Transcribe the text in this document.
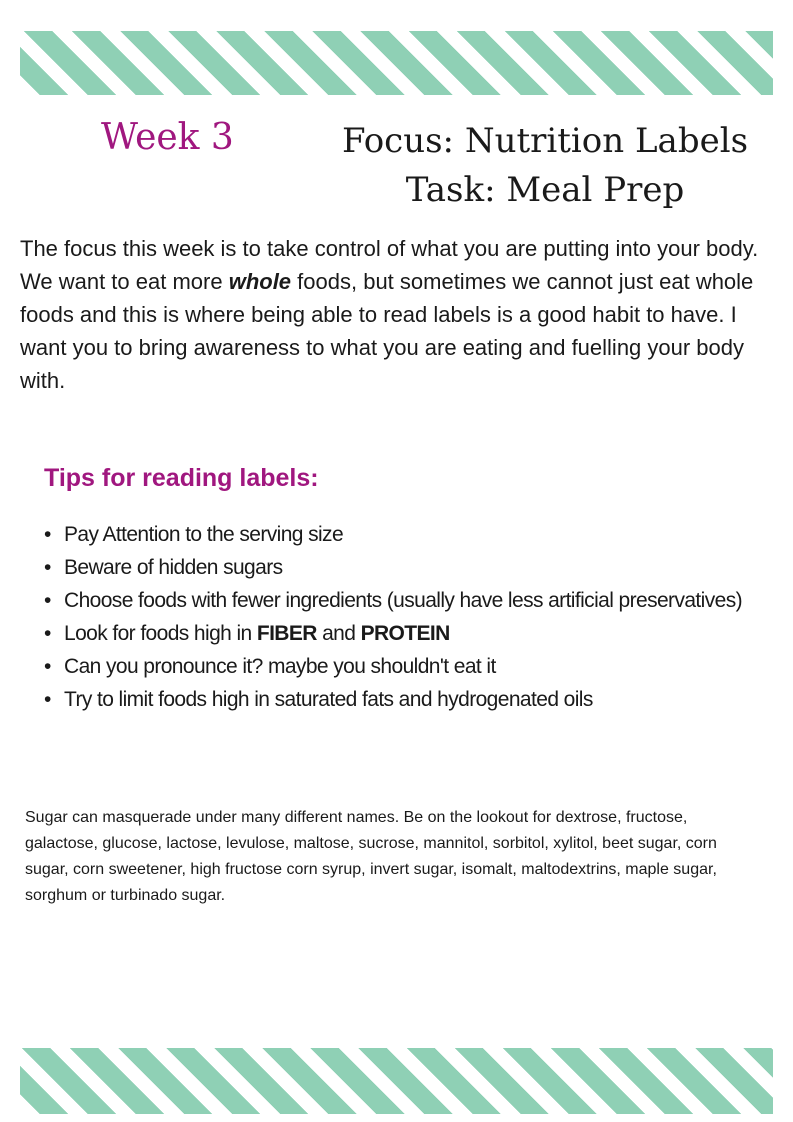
Week 3	Focus: Nutrition Labels
Task: Meal Prep

The focus this week is to take control of what you are putting into your body. We want to eat more whole foods, but sometimes we cannot just eat whole foods and this is where being able to read labels is a good habit to have. I want you to bring awareness to what you are eating and fuelling your body with.

Tips for reading labels:
• Pay Attention to the serving size
• Beware of hidden sugars
• Choose foods with fewer ingredients (usually have less artificial preservatives)
• Look for foods high in FIBER and PROTEIN
• Can you pronounce it? maybe you shouldn't eat it
• Try to limit foods high in saturated fats and hydrogenated oils

Sugar can masquerade under many different names. Be on the lookout for dextrose, fructose, galactose, glucose, lactose, levulose, maltose, sucrose, mannitol, sorbitol, xylitol, beet sugar, corn sugar, corn sweetener, high fructose corn syrup, invert sugar, isomalt, maltodextrins, maple sugar, sorghum or turbinado sugar.
